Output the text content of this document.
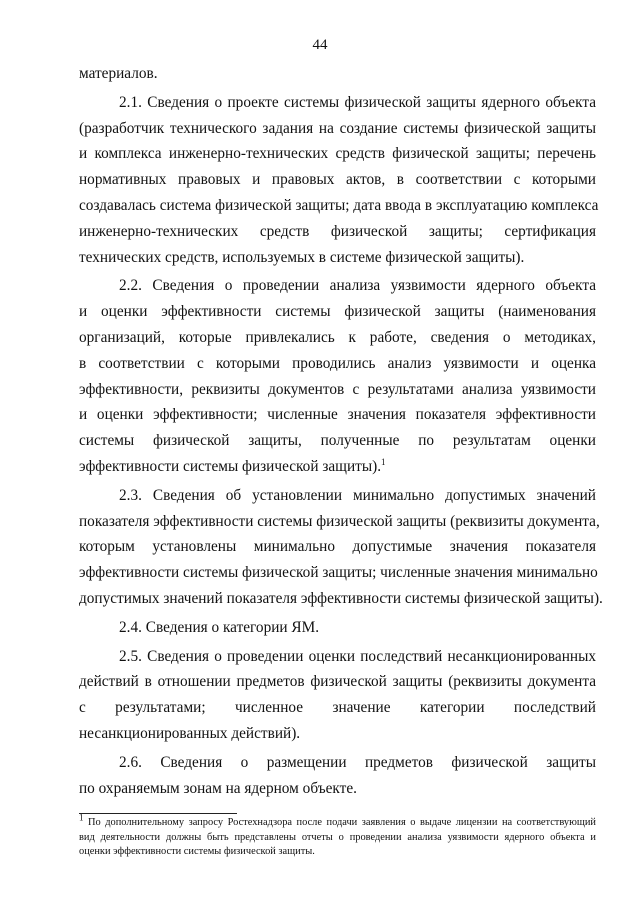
44
материалов.
2.1. Сведения о проекте системы физической защиты ядерного объекта
(разработчик технического задания на создание системы физической защиты
и комплекса инженерно-технических средств физической защиты; перечень
нормативных правовых и правовых актов, в соответствии с которыми
создавалась система физической защиты; дата ввода в эксплуатацию комплекса
инженерно-технических средств физической защиты; сертификация
технических средств, используемых в системе физической защиты).
2.2. Сведения о проведении анализа уязвимости ядерного объекта
и оценки эффективности системы физической защиты (наименования
организаций, которые привлекались к работе, сведения о методиках,
в соответствии с которыми проводились анализ уязвимости и оценка
эффективности, реквизиты документов с результатами анализа уязвимости
и оценки эффективности; численные значения показателя эффективности
системы физической защиты, полученные по результатам оценки
эффективности системы физической защиты).$^1$
2.3. Сведения об установлении минимально допустимых значений
показателя эффективности системы физической защиты (реквизиты документа,
которым установлены минимально допустимые значения показателя
эффективности системы физической защиты; численные значения минимально
допустимых значений показателя эффективности системы физической защиты).
2.4. Сведения о категории ЯМ.
2.5. Сведения о проведении оценки последствий несанкционированных
действий в отношении предметов физической защиты (реквизиты документа
с результатами; численное значение категории последствий
несанкционированных действий).
2.6. Сведения о размещении предметов физической защиты
по охраняемым зонам на ядерном объекте.
$^1$ По дополнительному запросу Ростехнадзора после подачи заявления о выдаче лицензии на соответствующий
вид деятельности должны быть представлены отчеты о проведении анализа уязвимости ядерного объекта и
оценки эффективности системы физической защиты.
